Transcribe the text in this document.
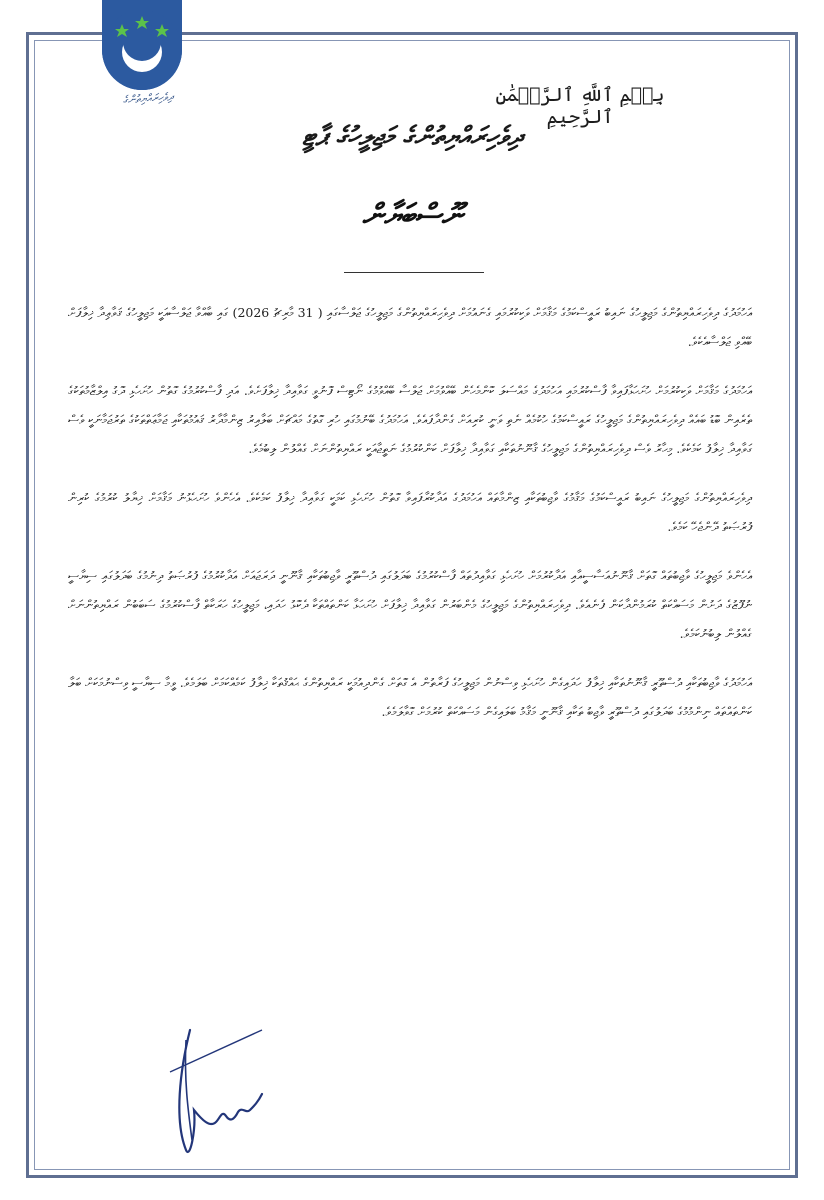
ދިވެހިރައްޔިތުންގެ	بِسۡمِ ٱللَّهِ ٱلرَّحۡمَٰنِ ٱلرَّحِيمِ
ދިވެހިރައްޔިތުންގެ މަޖިލީހުގެ ޕާޓީ
ނޫސްބަޔާން

އަހުމަދުގެ ދިވެހިރައްޔިތުންގެ މަޖިލީހުގެ ނައިބު ރައީސްކަމުގެ މަޤާމަށް ވަކިކުރުމައި ގެނައުމަށް ދިވެހިރައްޔިތުންގެ މަޖިލީހުގެ ޖަލްސާގައި ( 31 މާރިޗު 2026) ގައި ބާއްވާ ޖަލްސާއަކީ މަޖިލީހުގެ ޤަވާޢިދާ ޚިލާފަށް ބޭއްވި ޖަލްސާއެކެވެ.

އަހުމަދުގެ މަޤާމަށް ވަކިކުރުމަށް ހުށަހަޅާފައިވާ ފާސްކުރުމައި އަހުމަދުގެ މައްސަލަ ކޮންމެހެން ބޭއްވުމަށް ޖަލްސާ ބޭއްވުމުގެ ނޯޓިސް ފޮނުވީ ގަވާއިދާ ޚިލާފަށެވެ. އަދި ފާސްކުރުމުގެ ގޮތުން ހުށަހެޅި ދޮގު އިލްޒާމުތަކުގެ ތެރެއިން ބޮޑު ބައެއް ދިވެހިރައްޔިތުންގެ މަޖިލީހުގެ ރައީސްކަމުގެ ހުކުމެއް ނެތި ވަނީ ކުރިއަށް ގެންދާފައެވެ. އަހުމަދުގެ ބޭނުމުގައި ހުރި ގޮތުގެ މައްޗަށް ބަލާއިރު ޒިންމާދާރު ޤައުމުތަކާއި ޖަމާޢަތްތަކުގެ ތަރުޖަމާނަކީ ވެސް ގަވާއިދާ ޚިލާފު ކަމެކެވެ. މިހާރު ވެސް ދިވެހިރައްޔިތުންގެ މަޖިލީހުގެ ޤާނޫނުތަކާއި ގަވާއިދާ ޚިލާފަށް ކަންކުރުމުގެ ނަތީޖާއަކީ ރައްޔިތުންނަށް ގެއްލުން ލިބުމެވެ.

ދިވެހިރައްޔިތުންގެ މަޖިލީހުގެ ނައިބު ރައީސްކަމުގެ މަޤާމުގެ ވާޖިބުތަކާއި ޒިންމާތައް އަހުމަދުގެ އަދާކުރާފައިވާ ގޮތުން ހުށަހެޅި ކަމަކީ ގަވާއިދާ ޚިލާފު ކަމެކެވެ. އެހެންވެ ހުށަހެޅުނު މަޤާމަށް ޚިޔާލު ކުރުމުގެ ކުރިން ފުރުޞަތު ދޭންޖެހޭ ކަމެވެ.

އެހެންވެ މަޖިލީހުގެ ވާޖިބުތައް ގޮތަށް ޤާނޫނުއަސާސީއާއި އަދާކުރުމަށް ހުށަހެޅި ގަވާއިދުތައް ފާސްކުރުމުގެ ބަދަލުގައި ދުސްތޫރީ ވާޖިބުތަކާއި ޤާނޫނީ ދަރަޖައަށް އަދާކުރުމުގެ ފުރުޞަތު ދިނުމުގެ ބަދަލުގައި ސިޔާސީ ނުފޫޒުގެ ދަށުން މަސައްކަތް ކުރަމުންދާކަން ފެނެއެވެ. ދިވެހިރައްޔިތުންގެ މަޖިލީހުގެ މެންބަރުން ގަވާއިދާ ޚިލާފަށް ހުށަހަޅާ ކަންތައްތަކާ ދެކޮޅު ހަދައި، މަޖިލީހުގެ ހަރަކާތް ފާސްކުރުމުގެ ސަބަބުން ރައްޔިތުންނަށް ގެއްލުން ލިބުނުކަމެވެ.

އަހުމަދުގެ ވާޖިބުތަކާއި ދުސްތޫރީ ޤާނޫނުތަކާއި ޚިލާފު ހަދައިގެން ހުށަހެޅި ވިސްނުން މަޖިލީހުގެ ފަރާތުން އެ ގޮތަށް ގެންދިއުމަކީ ރައްޔިތުންގެ ޙައްޤުތަކާ ޚިލާފު ކަމެއްކަމަށް ބަލަމެވެ. ވީމާ ސިޔާސީ ވިސްނުމަކަށް ބަލާ ކަންތައްތައް ނިންމުމުގެ ބަދަލުގައި ދުސްތޫރީ ވާޖިބު ތަކާއި ޤާނޫނީ މަޤާމު ބަލައިގެން މަސައްކަތް ކުރުމަށް ގޮވާލަމެވެ.
